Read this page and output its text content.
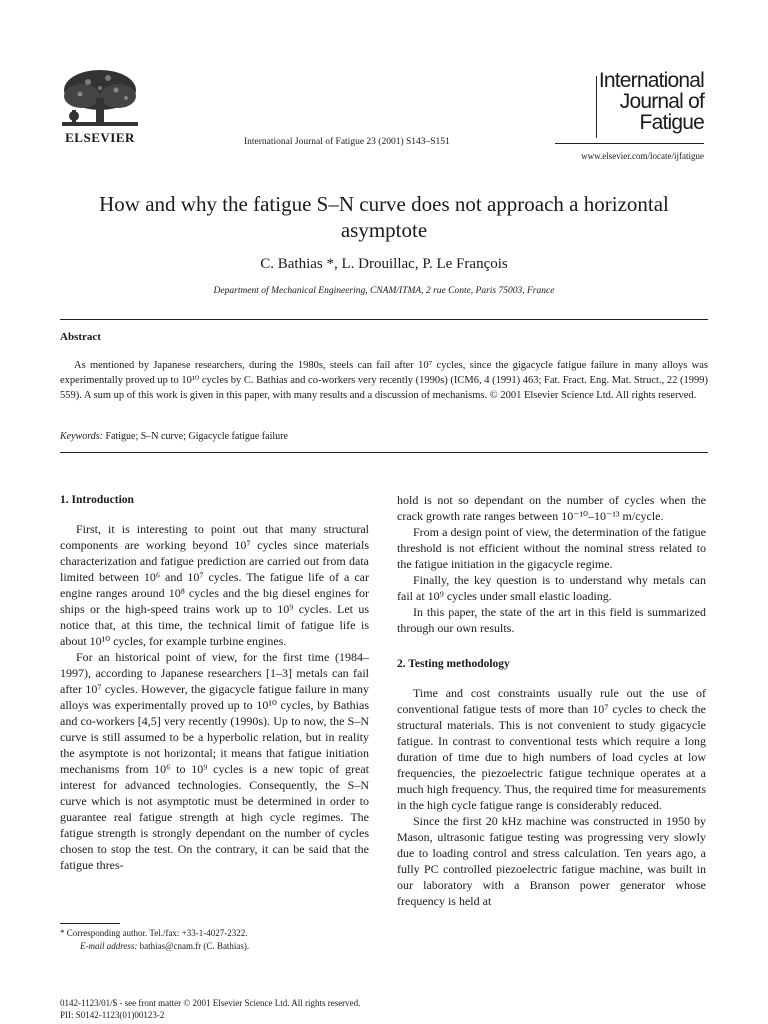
ELSEVIER	International Journal of Fatigue 23 (2001) S143–S151
International
Journal of
Fatigue
www.elsevier.com/locate/ijfatigue
How and why the fatigue S–N curve does not approach a horizontal asymptote
C. Bathias *, L. Drouillac, P. Le François
Department of Mechanical Engineering, CNAM/ITMA, 2 rue Conte, Paris 75003, France
Abstract
As mentioned by Japanese researchers, during the 1980s, steels can fail after 10⁷ cycles, since the gigacycle fatigue failure in many alloys was experimentally proved up to 10¹⁰ cycles by C. Bathias and co-workers very recently (1990s) (ICM6, 4 (1991) 463; Fat. Fract. Eng. Mat. Struct., 22 (1999) 559). A sum up of this work is given in this paper, with many results and a discussion of mechanisms. © 2001 Elsevier Science Ltd. All rights reserved.
Keywords: Fatigue; S–N curve; Gigacycle fatigue failure
1. Introduction
First, it is interesting to point out that many structural components are working beyond 10⁷ cycles since materials characterization and fatigue prediction are carried out from data limited between 10⁶ and 10⁷ cycles. The fatigue life of a car engine ranges around 10⁸ cycles and the big diesel engines for ships or the high-speed trains work up to 10⁹ cycles. Let us notice that, at this time, the technical limit of fatigue life is about 10¹⁰ cycles, for example turbine engines.
For an historical point of view, for the first time (1984–1997), according to Japanese researchers [1–3] metals can fail after 10⁷ cycles. However, the gigacycle fatigue failure in many alloys was experimentally proved up to 10¹⁰ cycles, by Bathias and co-workers [4,5] very recently (1990s). Up to now, the S–N curve is still assumed to be a hyperbolic relation, but in reality the asymptote is not horizontal; it means that fatigue initiation mechanisms from 10⁶ to 10⁹ cycles is a new topic of great interest for advanced technologies. Consequently, the S–N curve which is not asymptotic must be determined in order to guarantee real fatigue strength at high cycle regimes. The fatigue strength is strongly dependant on the number of cycles chosen to stop the test. On the contrary, it can be said that the fatigue thres-
hold is not so dependant on the number of cycles when the crack growth rate ranges between 10⁻¹⁰–10⁻¹³ m/cycle.
From a design point of view, the determination of the fatigue threshold is not efficient without the nominal stress related to the fatigue initiation in the gigacycle regime.
Finally, the key question is to understand why metals can fail at 10⁹ cycles under small elastic loading.
In this paper, the state of the art in this field is summarized through our own results.
2. Testing methodology
Time and cost constraints usually rule out the use of conventional fatigue tests of more than 10⁷ cycles to check the structural materials. This is not convenient to study gigacycle fatigue. In contrast to conventional tests which require a long duration of time due to high numbers of load cycles at low frequencies, the piezoelectric fatigue technique operates at a much high frequency. Thus, the required time for measurements in the high cycle fatigue range is considerably reduced.
Since the first 20 kHz machine was constructed in 1950 by Mason, ultrasonic fatigue testing was progressing very slowly due to loading control and stress calculation. Ten years ago, a fully PC controlled piezoelectric fatigue machine, was built in our laboratory with a Branson power generator whose frequency is held at
* Corresponding author. Tel./fax: +33-1-4027-2322.
E-mail address: bathias@cnam.fr (C. Bathias).
0142-1123/01/$ - see front matter © 2001 Elsevier Science Ltd. All rights reserved.
PII: S0142-1123(01)00123-2
